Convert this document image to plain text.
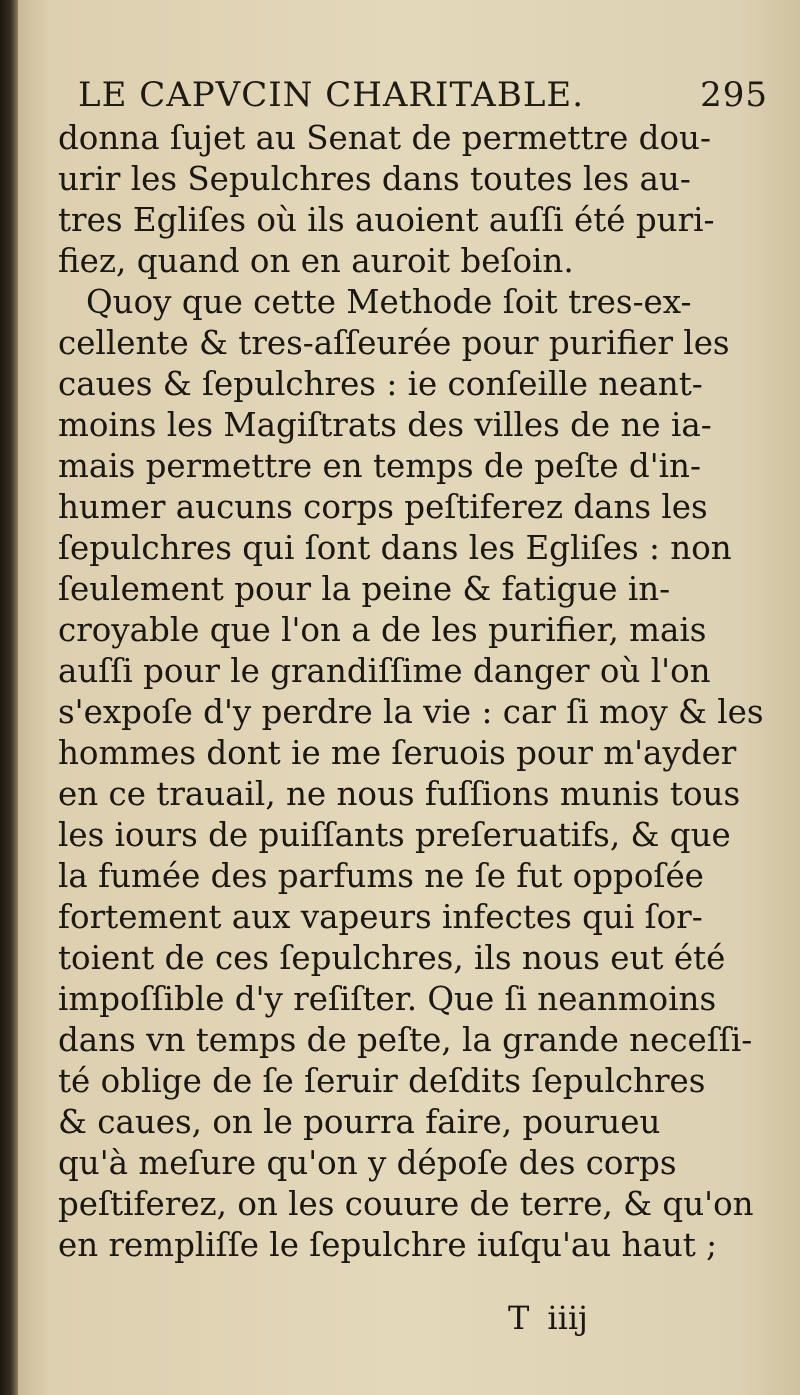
LE CAPVCIN CHARITABLE.	295
donna ſujet au Senat de permettre dou-
urir les Sepulchres dans toutes les au-
tres Egliſes où ils auoient auſſi été puri-
fiez, quand on en auroit beſoin.
Quoy que cette Methode ſoit tres-ex-
cellente & tres-aſſeurée pour purifier les
caues & ſepulchres : ie conſeille neant-
moins les Magiſtrats des villes de ne ia-
mais permettre en temps de peſte d'in-
humer aucuns corps peſtiferez dans les
ſepulchres qui ſont dans les Egliſes : non
ſeulement pour la peine & fatigue in-
croyable que l'on a de les purifier, mais
auſſi pour le grandiſſime danger où l'on
s'expoſe d'y perdre la vie : car ſi moy & les
hommes dont ie me ſeruois pour m'ayder
en ce trauail, ne nous fuſſions munis tous
les iours de puiſſants preſeruatifs, & que
la fumée des parfums ne ſe fut oppoſée
fortement aux vapeurs infectes qui ſor-
toient de ces ſepulchres, ils nous eut été
impoſſible d'y reſiſter. Que ſi neanmoins
dans vn temps de peſte, la grande neceſſi-
té oblige de ſe ſeruir deſdits ſepulchres
& caues, on le pourra faire, pourueu
qu'à meſure qu'on y dépoſe des corps
peſtiferez, on les couure de terre, & qu'on
en rempliſſe le ſepulchre iuſqu'au haut ;
T iiij
